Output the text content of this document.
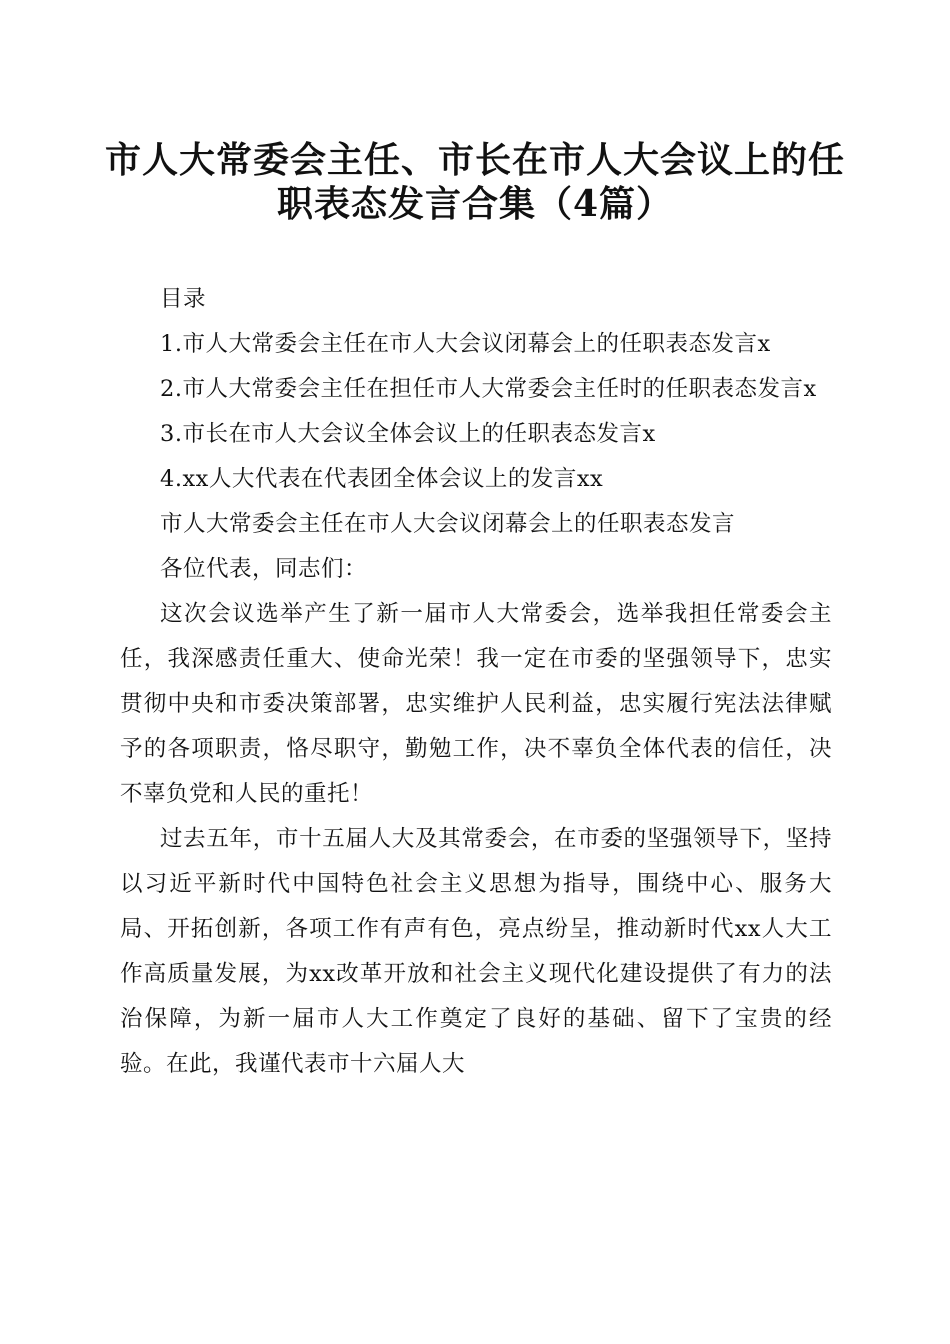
市人大常委会主任、市长在市人大会议上的任
职表态发言合集（4篇）

目录

1.市人大常委会主任在市人大会议闭幕会上的任职表态发言x

2.市人大常委会主任在担任市人大常委会主任时的任职表态发言x

3.市长在市人大会议全体会议上的任职表态发言x

4.xx人大代表在代表团全体会议上的发言xx

市人大常委会主任在市人大会议闭幕会上的任职表态发言

各位代表，同志们：

这次会议选举产生了新一届市人大常委会，选举我担任常委会主任，我深感责任重大、使命光荣！我一定在市委的坚强领导下，忠实贯彻中央和市委决策部署，忠实维护人民利益，忠实履行宪法法律赋予的各项职责，恪尽职守，勤勉工作，决不辜负全体代表的信任，决不辜负党和人民的重托！

过去五年，市十五届人大及其常委会，在市委的坚强领导下，坚持以习近平新时代中国特色社会主义思想为指导，围绕中心、服务大局、开拓创新，各项工作有声有色，亮点纷呈，推动新时代xx人大工作高质量发展，为xx改革开放和社会主义现代化建设提供了有力的法治保障，为新一届市人大工作奠定了良好的基础、留下了宝贵的经验。在此，我谨代表市十六届人大
